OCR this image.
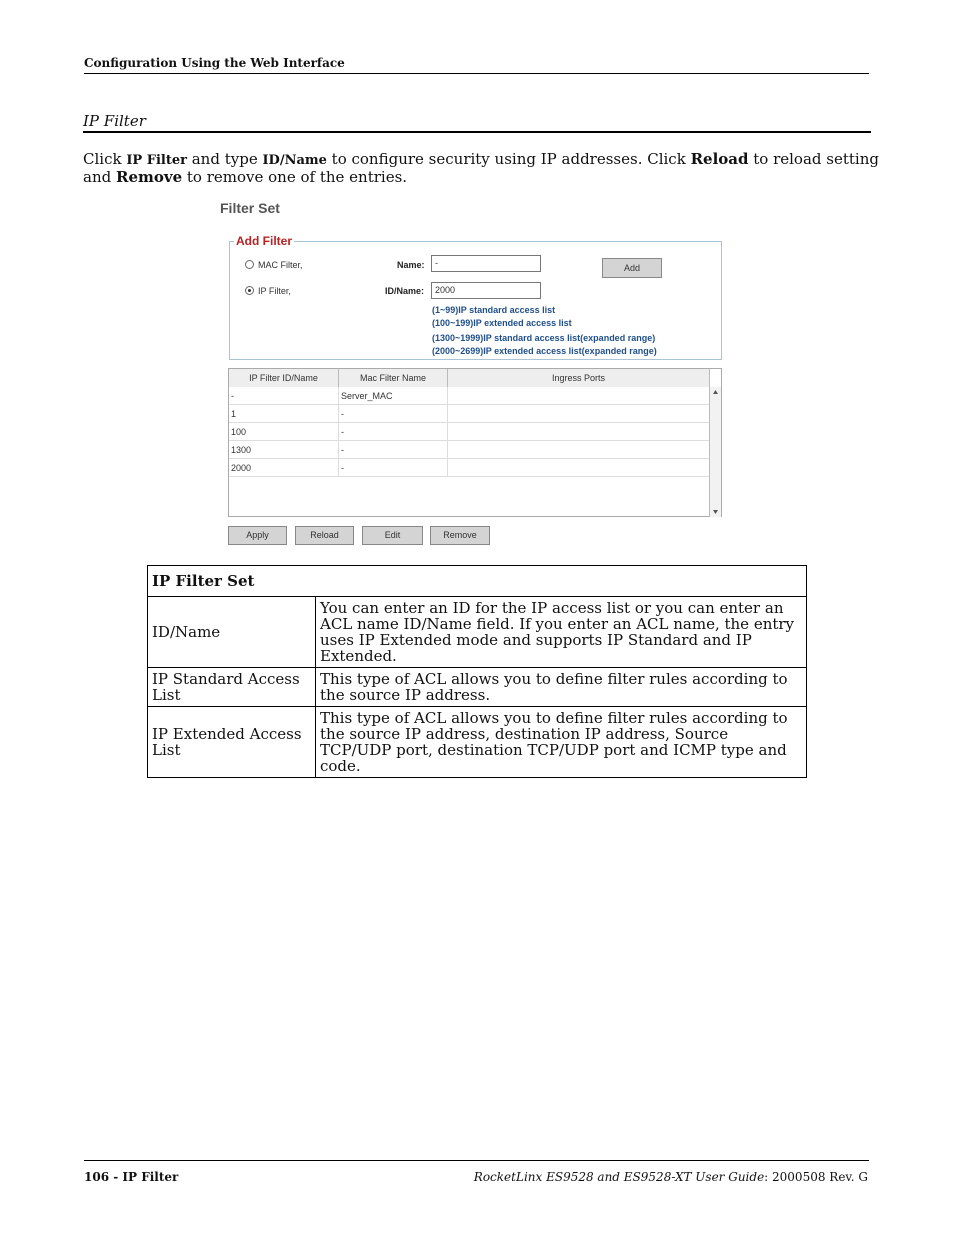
Configuration Using the Web Interface
IP Filter
Click IP Filter and type ID/Name to configure security using IP addresses. Click Reload to reload setting and Remove to remove one of the entries.
Filter Set
Add Filter
MAC Filter,
IP Filter,
Name:	-
ID/Name:	2000
Add
(1~99)IP standard access list
(100~199)IP extended access list
(1300~1999)IP standard access list(expanded range)
(2000~2699)IP extended access list(expanded range)
IP Filter ID/Name	Mac Filter Name	Ingress Ports
-	Server_MAC
1	-
100	-
1300	-
2000	-
Apply	Reload	Edit	Remove
IP Filter Set	
ID/Name	You can enter an ID for the IP access list or you can enter an ACL name ID/Name field. If you enter an ACL name, the entry uses IP Extended mode and supports IP Standard and IP Extended.
IP Standard Access List	This type of ACL allows you to define filter rules according to the source IP address.
IP Extended Access List	This type of ACL allows you to define filter rules according to the source IP address, destination IP address, Source TCP/UDP port, destination TCP/UDP port and ICMP type and code.
106 - IP Filter	RocketLinx ES9528 and ES9528-XT User Guide: 2000508 Rev. G
